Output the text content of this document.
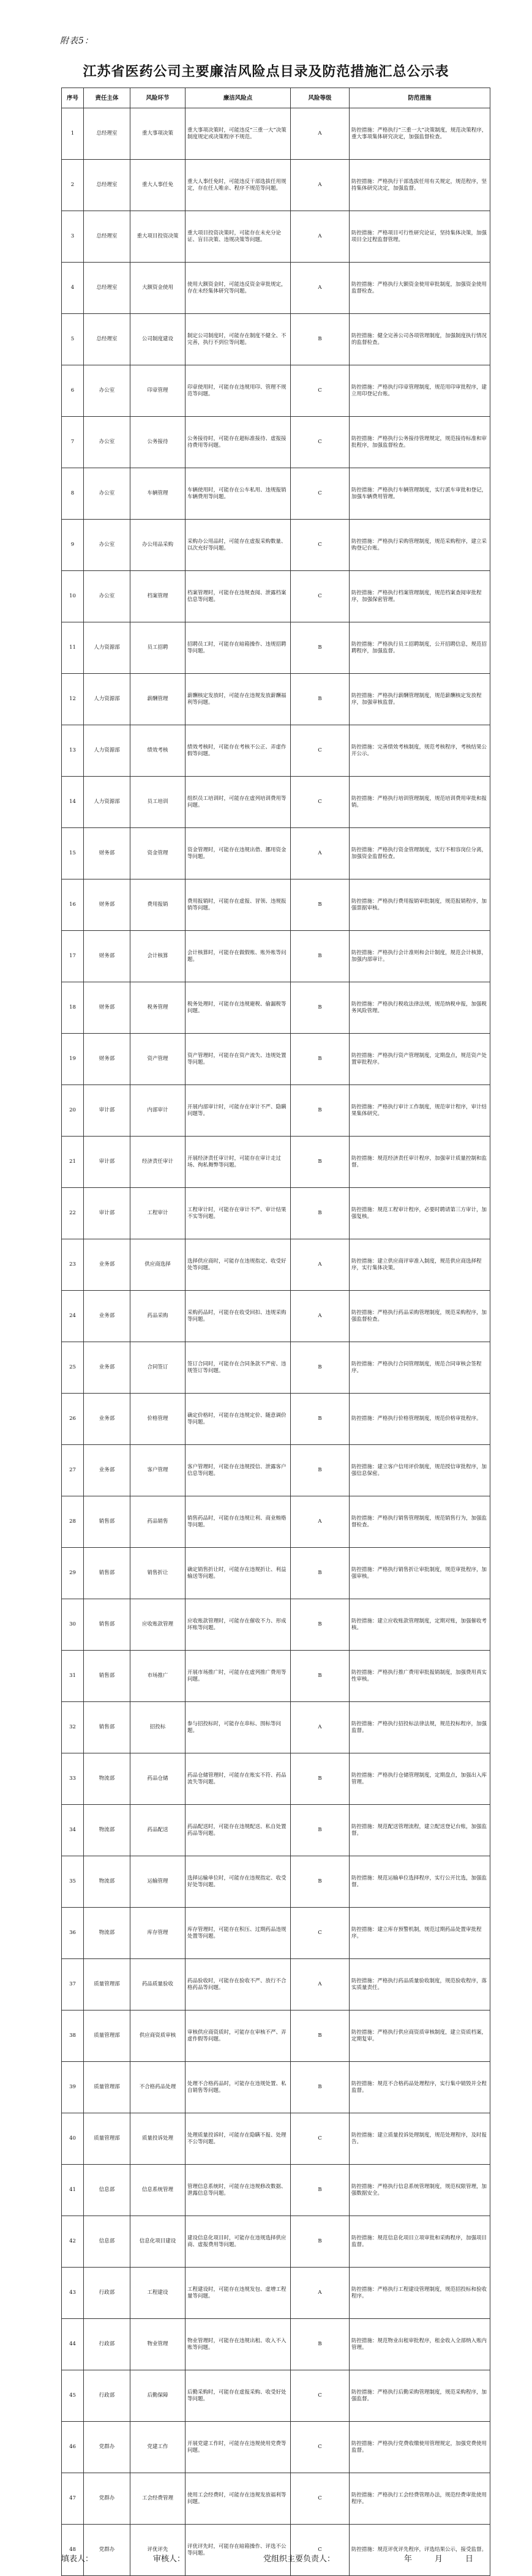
附表5：
江苏省医药公司主要廉洁风险点目录及防范措施汇总公示表
序号	责任主体	风险环节	廉洁风险点	风险等级	防范措施
1	总经理室	重大事项决策	重大事项决策时，可能违反“三重一大”决策制度规定或决策程序不规范。	A	防控措施：严格执行“三重一大”决策制度，规范决策程序，重大事项集体研究决定，加强监督检查。
2	总经理室	重大人事任免	重大人事任免时，可能违反干部选拔任用规定，存在任人唯亲、程序不规范等问题。	A	防控措施：严格执行干部选拔任用有关规定，规范程序，坚持集体研究决定，加强监督。
3	总经理室	重大项目投资决策	重大项目投资决策时，可能存在未充分论证、盲目决策、违规决策等问题。	A	防控措施：严格项目可行性研究论证，坚持集体决策，加强项目全过程监督管理。
4	总经理室	大额资金使用	使用大额资金时，可能违反资金审批规定，存在未经集体研究等问题。	A	防控措施：严格执行大额资金使用审批制度，加强资金使用监督检查。
5	总经理室	公司制度建设	制定公司制度时，可能存在制度不健全、不完善，执行不到位等问题。	B	防控措施：健全完善公司各项管理制度，加强制度执行情况的监督检查。
6	办公室	印章管理	印章使用时，可能存在违规用印、管理不规范等问题。	C	防控措施：严格执行印章管理制度，规范用印审批程序，建立用印登记台账。
7	办公室	公务接待	公务接待时，可能存在超标准接待、虚报接待费用等问题。	C	防控措施：严格执行公务接待管理规定，规范接待标准和审批程序，加强监督检查。
8	办公室	车辆管理	车辆使用时，可能存在公车私用、违规报销车辆费用等问题。	C	防控措施：严格执行车辆管理制度，实行派车审批和登记，加强车辆费用管理。
9	办公室	办公用品采购	采购办公用品时，可能存在虚报采购数量、以次充好等问题。	C	防控措施：严格执行采购管理制度，规范采购程序，建立采购登记台账。
10	办公室	档案管理	档案管理时，可能存在违规查阅、泄露档案信息等问题。	C	防控措施：严格执行档案管理制度，规范档案查阅审批程序，加强保密管理。
11	人力资源部	员工招聘	招聘员工时，可能存在暗箱操作、违规招聘等问题。	B	防控措施：严格执行员工招聘制度，公开招聘信息，规范招聘程序，加强监督。
12	人力资源部	薪酬管理	薪酬核定发放时，可能存在违规发放薪酬福利等问题。	B	防控措施：严格执行薪酬管理制度，规范薪酬核定发放程序，加强审核监督。
13	人力资源部	绩效考核	绩效考核时，可能存在考核不公正、弄虚作假等问题。	C	防控措施：完善绩效考核制度，规范考核程序，考核结果公开公示。
14	人力资源部	员工培训	组织员工培训时，可能存在虚列培训费用等问题。	C	防控措施：严格执行培训管理制度，规范培训费用审批和报销。
15	财务部	资金管理	资金管理时，可能存在违规出借、挪用资金等问题。	A	防控措施：严格执行资金管理制度，实行不相容岗位分离，加强资金监督检查。
16	财务部	费用报销	费用报销时，可能存在虚报、冒领、违规报销等问题。	B	防控措施：严格执行费用报销审批制度，规范报销程序，加强票据审核。
17	财务部	会计核算	会计核算时，可能存在做假账、账外账等问题。	B	防控措施：严格执行会计准则和会计制度，规范会计核算，加强内部审计。
18	财务部	税务管理	税务处理时，可能存在违规避税、偷漏税等问题。	B	防控措施：严格执行税收法律法规，规范纳税申报，加强税务风险管理。
19	财务部	资产管理	资产管理时，可能存在资产流失、违规处置等问题。	B	防控措施：严格执行资产管理制度，定期盘点，规范资产处置审批程序。
20	审计部	内部审计	开展内部审计时，可能存在审计不严、隐瞒问题等。	B	防控措施：严格执行审计工作制度，规范审计程序，审计结果集体研究。
21	审计部	经济责任审计	开展经济责任审计时，可能存在审计走过场、徇私舞弊等问题。	B	防控措施：规范经济责任审计程序，加强审计质量控制和监督。
22	审计部	工程审计	工程审计时，可能存在审计不严、审计结果不实等问题。	B	防控措施：规范工程审计程序，必要时聘请第三方审计，加强复核。
23	业务部	供应商选择	选择供应商时，可能存在违规指定、收受好处等问题。	A	防控措施：建立供应商评审准入制度，规范供应商选择程序，实行集体决策。
24	业务部	药品采购	采购药品时，可能存在收受回扣、违规采购等问题。	A	防控措施：严格执行药品采购管理制度，规范采购程序，加强监督检查。
25	业务部	合同签订	签订合同时，可能存在合同条款不严密、违规签订等问题。	B	防控措施：严格执行合同管理制度，规范合同审核会签程序。
26	业务部	价格管理	确定价格时，可能存在违规定价、随意调价等问题。	B	防控措施：严格执行价格管理制度，规范价格审批程序。
27	业务部	客户管理	客户管理时，可能存在违规授信、泄露客户信息等问题。	B	防控措施：建立客户信用评价制度，规范授信审批程序，加强信息保密。
28	销售部	药品销售	销售药品时，可能存在违规让利、商业贿赂等问题。	A	防控措施：严格执行销售管理制度，规范销售行为，加强监督检查。
29	销售部	销售折让	确定销售折让时，可能存在违规折让、利益输送等问题。	B	防控措施：严格执行销售折让审批制度，规范审批程序，加强审核。
30	销售部	应收账款管理	应收账款管理时，可能存在催收不力、形成坏账等问题。	B	防控措施：建立应收账款管理制度，定期对账，加强催收考核。
31	销售部	市场推广	开展市场推广时，可能存在虚列推广费用等问题。	B	防控措施：严格执行推广费用审批报销制度，加强费用真实性审核。
32	销售部	招投标	参与招投标时，可能存在串标、围标等问题。	A	防控措施：严格执行招投标法律法规，规范投标程序，加强监督。
33	物流部	药品仓储	药品仓储管理时，可能存在账实不符、药品流失等问题。	B	防控措施：严格执行仓储管理制度，定期盘点，加强出入库管理。
34	物流部	药品配送	药品配送时，可能存在违规配送、私自处置药品等问题。	B	防控措施：规范配送管理流程，建立配送登记台账，加强监督。
35	物流部	运输管理	选择运输单位时，可能存在违规指定、收受好处等问题。	B	防控措施：规范运输单位选择程序，实行公开比选，加强监督。
36	物流部	库存管理	库存管理时，可能存在积压、过期药品违规处置等问题。	C	防控措施：建立库存预警机制，规范过期药品处置审批程序。
37	质量管理部	药品质量验收	药品验收时，可能存在验收不严、放行不合格药品等问题。	A	防控措施：严格执行药品质量验收制度，规范验收程序，落实质量责任。
38	质量管理部	供应商资质审核	审核供应商资质时，可能存在审核不严、弄虚作假等问题。	B	防控措施：严格执行供应商资质审核制度，建立资质档案，定期复审。
39	质量管理部	不合格药品处理	处理不合格药品时，可能存在违规处置、私自销售等问题。	B	防控措施：规范不合格药品处理程序，实行集中销毁并全程监督。
40	质量管理部	质量投诉处理	处理质量投诉时，可能存在隐瞒不报、处理不公等问题。	C	防控措施：建立质量投诉处理制度，规范处理程序，及时报告。
41	信息部	信息系统管理	管理信息系统时，可能存在违规修改数据、泄露信息等问题。	B	防控措施：严格执行信息系统管理制度，规范权限管理，加强数据安全。
42	信息部	信息化项目建设	建设信息化项目时，可能存在违规选择供应商、虚报费用等问题。	B	防控措施：规范信息化项目立项审批和采购程序，加强项目监督。
43	行政部	工程建设	工程建设时，可能存在违规发包、虚增工程量等问题。	A	防控措施：严格执行工程建设管理制度，规范招投标和验收程序。
44	行政部	物业管理	物业管理时，可能存在违规出租、收入不入账等问题。	B	防控措施：规范物业出租审批程序，租金收入全部纳入账内管理。
45	行政部	后勤保障	后勤采购时，可能存在虚报采购、收受好处等问题。	C	防控措施：严格执行后勤采购管理制度，规范采购程序，加强监督。
46	党群办	党建工作	开展党建工作时，可能存在违规使用党费等问题。	C	防控措施：严格执行党费收缴使用管理规定，加强党费使用监督。
47	党群办	工会经费管理	使用工会经费时，可能存在违规发放福利等问题。	C	防控措施：严格执行工会经费管理办法，规范经费审批使用程序。
48	党群办	评优评先	评优评先时，可能存在暗箱操作、评选不公等问题。	C	防控措施：规范评优评先程序，评选结果公示，接受监督。
填表人：	审核人：	党组织主要负责人：	年	月	日
